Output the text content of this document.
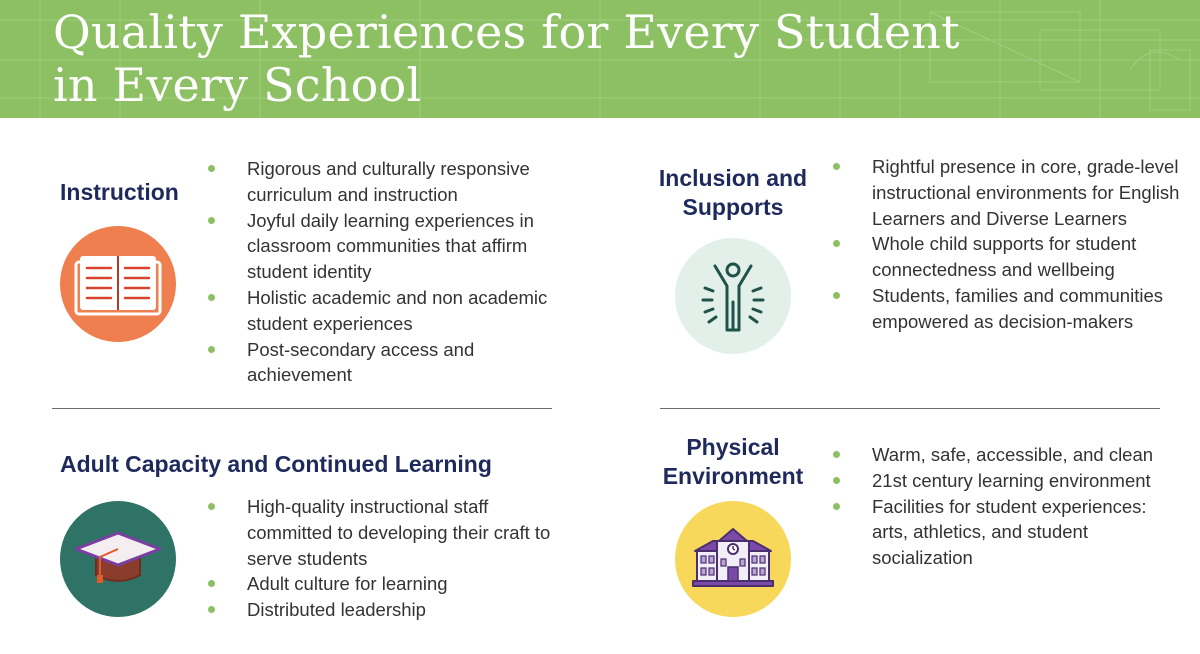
Quality Experiences for Every Student
in Every School
Instruction
Rigorous and culturally responsive curriculum and instruction
Joyful daily learning experiences in classroom communities that affirm student identity
Holistic academic and non academic student experiences
Post-secondary access and achievement
Inclusion and
Supports
Rightful presence in core, grade-level instructional environments for English Learners and Diverse Learners
Whole child supports for student connectedness and wellbeing
Students, families and communities empowered as decision-makers
Adult Capacity and Continued Learning
High-quality instructional staff committed to developing their craft to serve students
Adult culture for learning
Distributed leadership
Physical
Environment
Warm, safe, accessible, and clean
21st century learning environment
Facilities for student experiences: arts, athletics, and student socialization
